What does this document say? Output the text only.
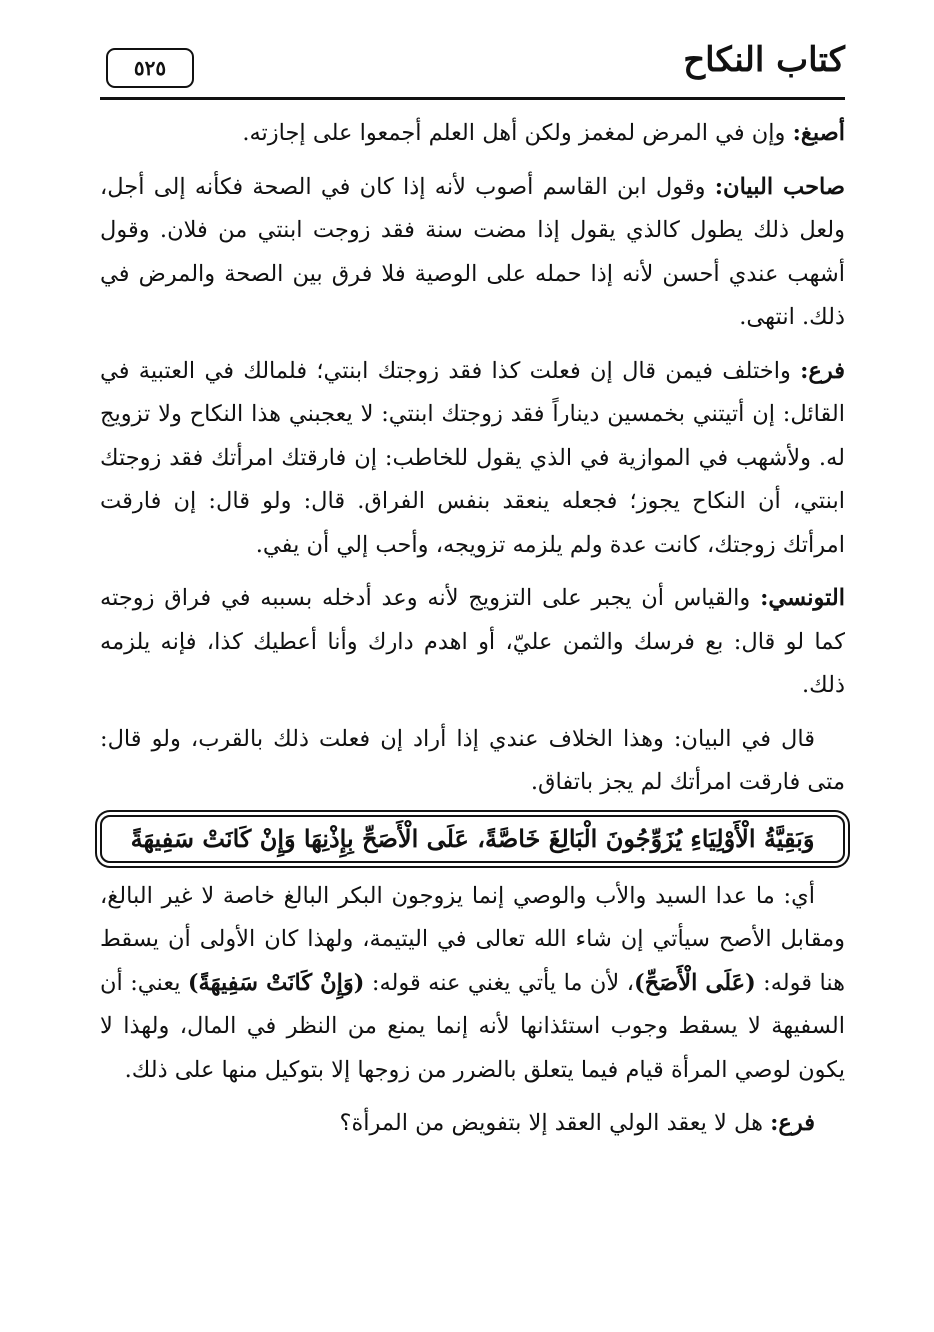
كتاب النكاح
٥٢٥

أصبغ: وإن في المرض لمغمز ولكن أهل العلم أجمعوا على إجازته.

صاحب البيان: وقول ابن القاسم أصوب لأنه إذا كان في الصحة فكأنه إلى أجل، ولعل ذلك يطول كالذي يقول إذا مضت سنة فقد زوجت ابنتي من فلان. وقول أشهب عندي أحسن لأنه إذا حمله على الوصية فلا فرق بين الصحة والمرض في ذلك. انتهى.

فرع: واختلف فيمن قال إن فعلت كذا فقد زوجتك ابنتي؛ فلمالك في العتبية في القائل: إن أتيتني بخمسين ديناراً فقد زوجتك ابنتي: لا يعجبني هذا النكاح ولا تزويج له. ولأشهب في الموازية في الذي يقول للخاطب: إن فارقتك امرأتك فقد زوجتك ابنتي، أن النكاح يجوز؛ فجعله ينعقد بنفس الفراق. قال: ولو قال: إن فارقت امرأتك زوجتك، كانت عدة ولم يلزمه تزويجه، وأحب إلي أن يفي.

التونسي: والقياس أن يجبر على التزويج لأنه وعد أدخله بسببه في فراق زوجته كما لو قال: بع فرسك والثمن عليّ، أو اهدم دارك وأنا أعطيك كذا، فإنه يلزمه ذلك.

قال في البيان: وهذا الخلاف عندي إذا أراد إن فعلت ذلك بالقرب، ولو قال: متى فارقت امرأتك لم يجز باتفاق.

وَبَقِيَّةُ الْأَوْلِيَاءِ يُزَوِّجُونَ الْبَالِغَ خَاصَّةً، عَلَى الْأَصَحِّ بِإِذْنِهَا وَإِنْ كَانَتْ سَفِيهَةً

أي: ما عدا السيد والأب والوصي إنما يزوجون البكر البالغ خاصة لا غير البالغ، ومقابل الأصح سيأتي إن شاء الله تعالى في اليتيمة، ولهذا كان الأولى أن يسقط هنا قوله: (عَلَى الْأَصَحِّ)، لأن ما يأتي يغني عنه قوله: (وَإِنْ كَانَتْ سَفِيهَةً) يعني: أن السفيهة لا يسقط وجوب استئذانها لأنه إنما يمنع من النظر في المال، ولهذا لا يكون لوصي المرأة قيام فيما يتعلق بالضرر من زوجها إلا بتوكيل منها على ذلك.

فرع: هل لا يعقد الولي العقد إلا بتفويض من المرأة؟
